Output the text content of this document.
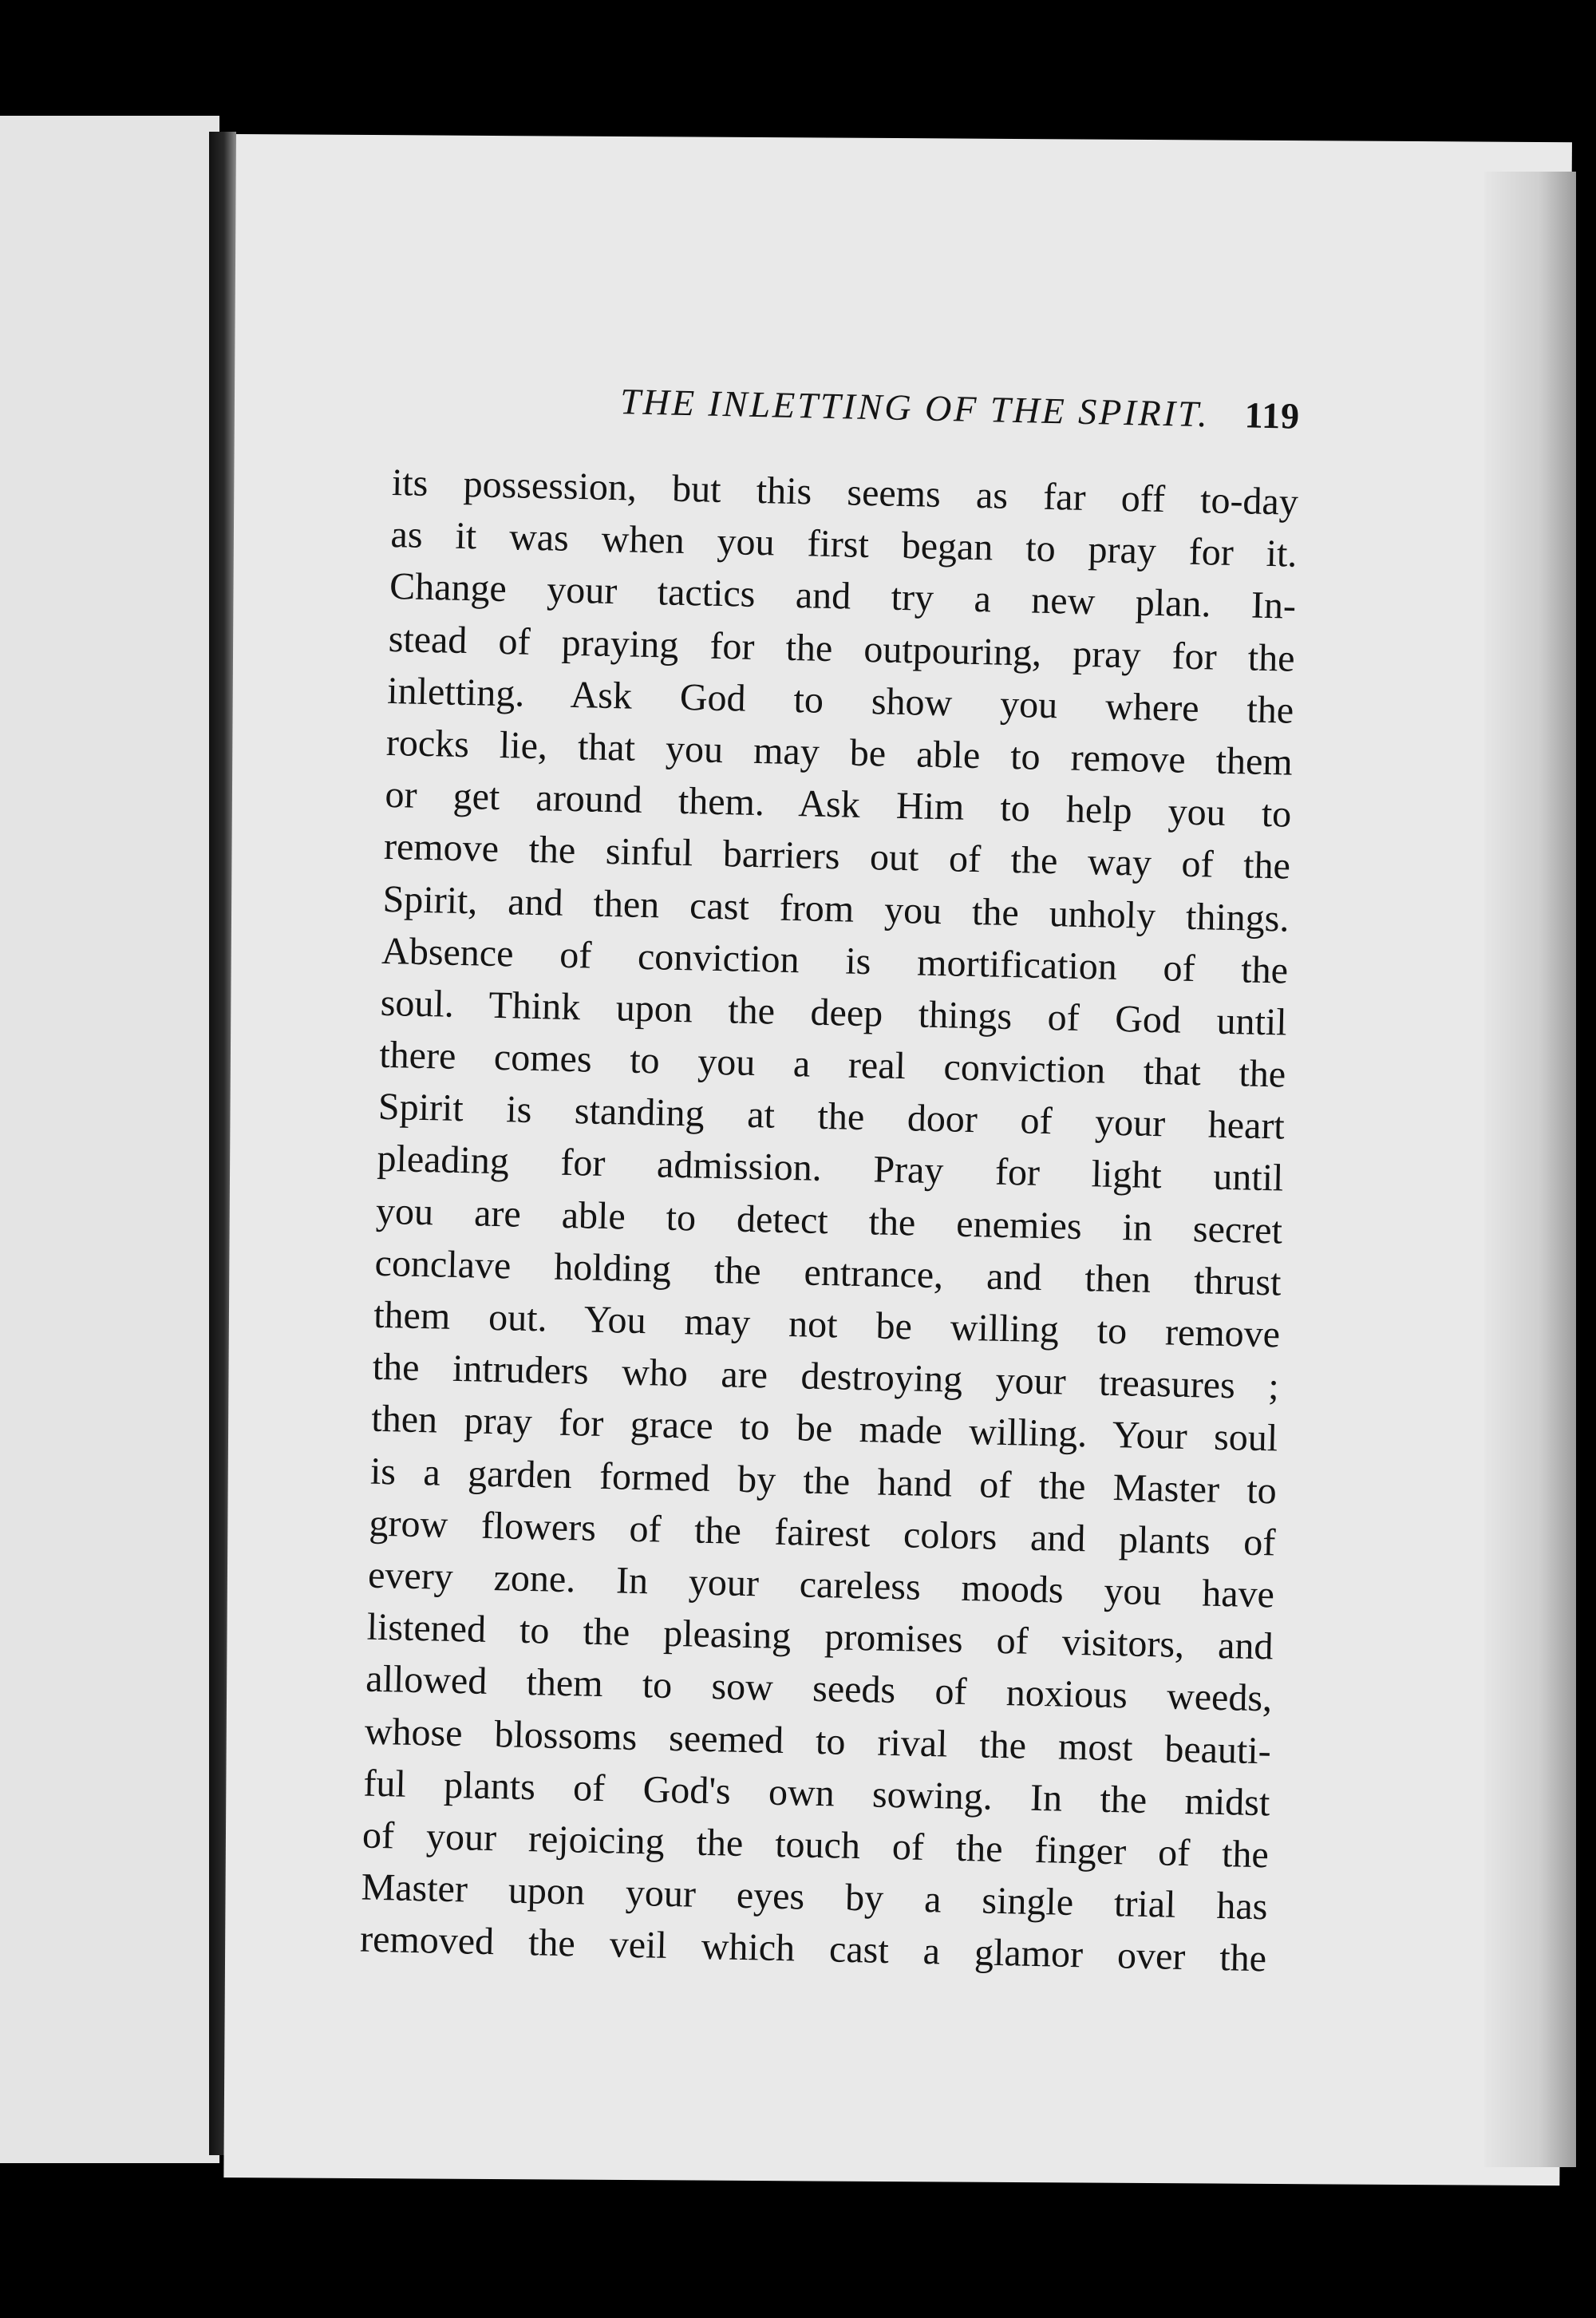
THE INLETTING OF THE SPIRIT. 119
its possession, but this seems as far off to-day
as it was when you first began to pray for it.
Change your tactics and try a new plan. In-
stead of praying for the outpouring, pray for the
inletting. Ask God to show you where the
rocks lie, that you may be able to remove them
or get around them. Ask Him to help you to
remove the sinful barriers out of the way of the
Spirit, and then cast from you the unholy things.
Absence of conviction is mortification of the
soul. Think upon the deep things of God until
there comes to you a real conviction that the
Spirit is standing at the door of your heart
pleading for admission. Pray for light until
you are able to detect the enemies in secret
conclave holding the entrance, and then thrust
them out. You may not be willing to remove
the intruders who are destroying your treasures ;
then pray for grace to be made willing. Your soul
is a garden formed by the hand of the Master to
grow flowers of the fairest colors and plants of
every zone. In your careless moods you have
listened to the pleasing promises of visitors, and
allowed them to sow seeds of noxious weeds,
whose blossoms seemed to rival the most beauti-
ful plants of God's own sowing. In the midst
of your rejoicing the touch of the finger of the
Master upon your eyes by a single trial has
removed the veil which cast a glamor over the
